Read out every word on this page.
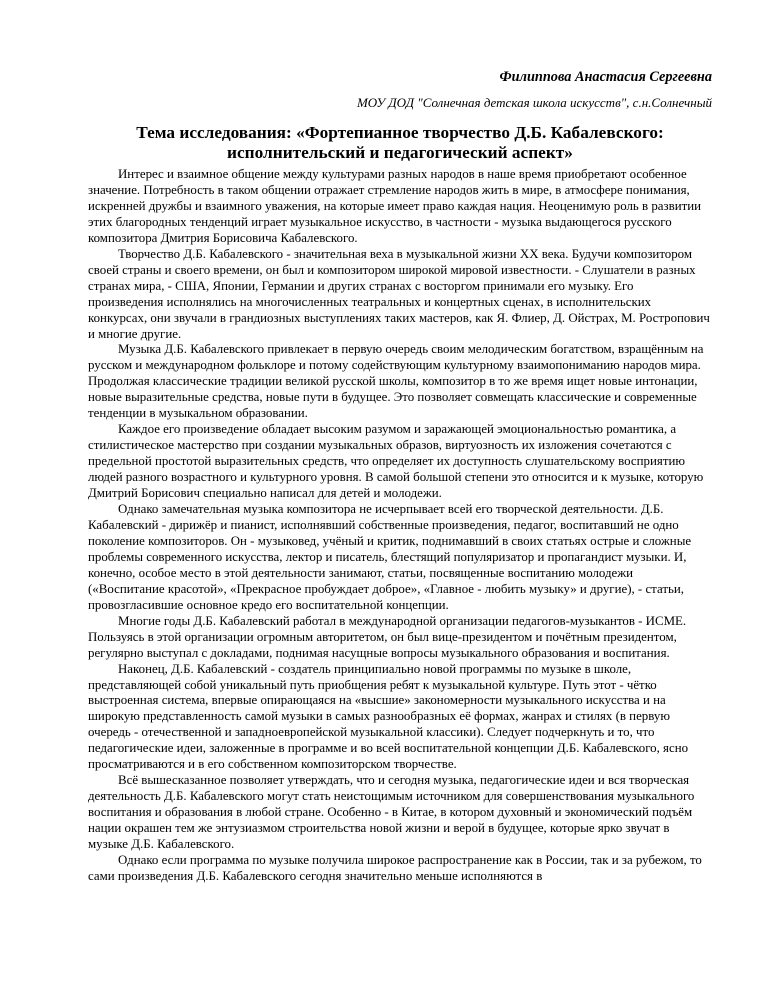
Филиппова Анастасия Сергеевна

МОУ ДОД "Солнечная детская школа искусств", с.н.Солнечный

Тема исследования: «Фортепианное творчество Д.Б. Кабалевского: исполнительский и педагогический аспект»

Интерес и взаимное общение между культурами разных народов в наше время приобретают особенное значение. Потребность в таком общении отражает стремление народов жить в мире, в атмосфере понимания, искренней дружбы и взаимного уважения, на которые имеет право каждая нация. Неоценимую роль в развитии этих благородных тенденций играет музыкальное искусство, в частности - музыка выдающегося русского композитора Дмитрия Борисовича Кабалевского.

Творчество Д.Б. Кабалевского - значительная веха в музыкальной жизни XX века. Будучи композитором своей страны и своего времени, он был и композитором широкой мировой известности. - Слушатели в разных странах мира, - США, Японии, Германии и других странах с восторгом принимали его музыку. Его произведения исполнялись на многочисленных театральных и концертных сценах, в исполнительских конкурсах, они звучали в грандиозных выступлениях таких мастеров, как Я. Флиер, Д. Ойстрах, М. Ростропович и многие другие.

Музыка Д.Б. Кабалевского привлекает в первую очередь своим мелодическим богатством, взращённым на русском и международном фольклоре и потому содействующим культурному взаимопониманию народов мира. Продолжая классические традиции великой русской школы, композитор в то же время ищет новые интонации, новые выразительные средства, новые пути в будущее. Это позволяет совмещать классические и современные тенденции в музыкальном образовании.

Каждое его произведение обладает высоким разумом и заражающей эмоциональностью романтика, а стилистическое мастерство при создании музыкальных образов, виртуозность их изложения сочетаются с предельной простотой выразительных средств, что определяет их доступность слушательскому восприятию людей разного возрастного и культурного уровня. В самой большой степени это относится и к музыке, которую Дмитрий Борисович специально написал для детей и молодежи.

Однако замечательная музыка композитора не исчерпывает всей его творческой деятельности. Д.Б. Кабалевский - дирижёр и пианист, исполнявший собственные произведения, педагог, воспитавший не одно поколение композиторов. Он - музыковед, учёный и критик, поднимавший в своих статьях острые и сложные проблемы современного искусства, лектор и писатель, блестящий популяризатор и пропагандист музыки. И, конечно, особое место в этой деятельности занимают, статьи, посвященные воспитанию молодежи («Воспитание красотой», «Прекрасное пробуждает доброе», «Главное - любить музыку» и другие), - статьи, провозгласившие основное кредо его воспитательной концепции.

Многие годы Д.Б. Кабалевский работал в международной организации педагогов-музыкантов - ИСМЕ. Пользуясь в этой организации огромным авторитетом, он был вице-президентом и почётным президентом, регулярно выступал с докладами, поднимая насущные вопросы музыкального образования и воспитания.

Наконец, Д.Б. Кабалевский - создатель принципиально новой программы по музыке в школе, представляющей собой уникальный путь приобщения ребят к музыкальной культуре. Путь этот - чётко выстроенная система, впервые опирающаяся на «высшие» закономерности музыкального искусства и на широкую представленность самой музыки в самых разнообразных её формах, жанрах и стилях (в первую очередь - отечественной и западноевропейской музыкальной классики). Следует подчеркнуть и то, что педагогические идеи, заложенные в программе и во всей воспитательной концепции Д.Б. Кабалевского, ясно просматриваются и в его собственном композиторском творчестве.

Всё вышесказанное позволяет утверждать, что и сегодня музыка, педагогические идеи и вся творческая деятельность Д.Б. Кабалевского могут стать неистощимым источником для совершенствования музыкального воспитания и образования в любой стране. Особенно - в Китае, в котором духовный и экономический подъём нации окрашен тем же энтузиазмом строительства новой жизни и верой в будущее, которые ярко звучат в музыке Д.Б. Кабалевского.

Однако если программа по музыке получила широкое распространение как в России, так и за рубежом, то сами произведения Д.Б. Кабалевского сегодня значительно меньше исполняются в
